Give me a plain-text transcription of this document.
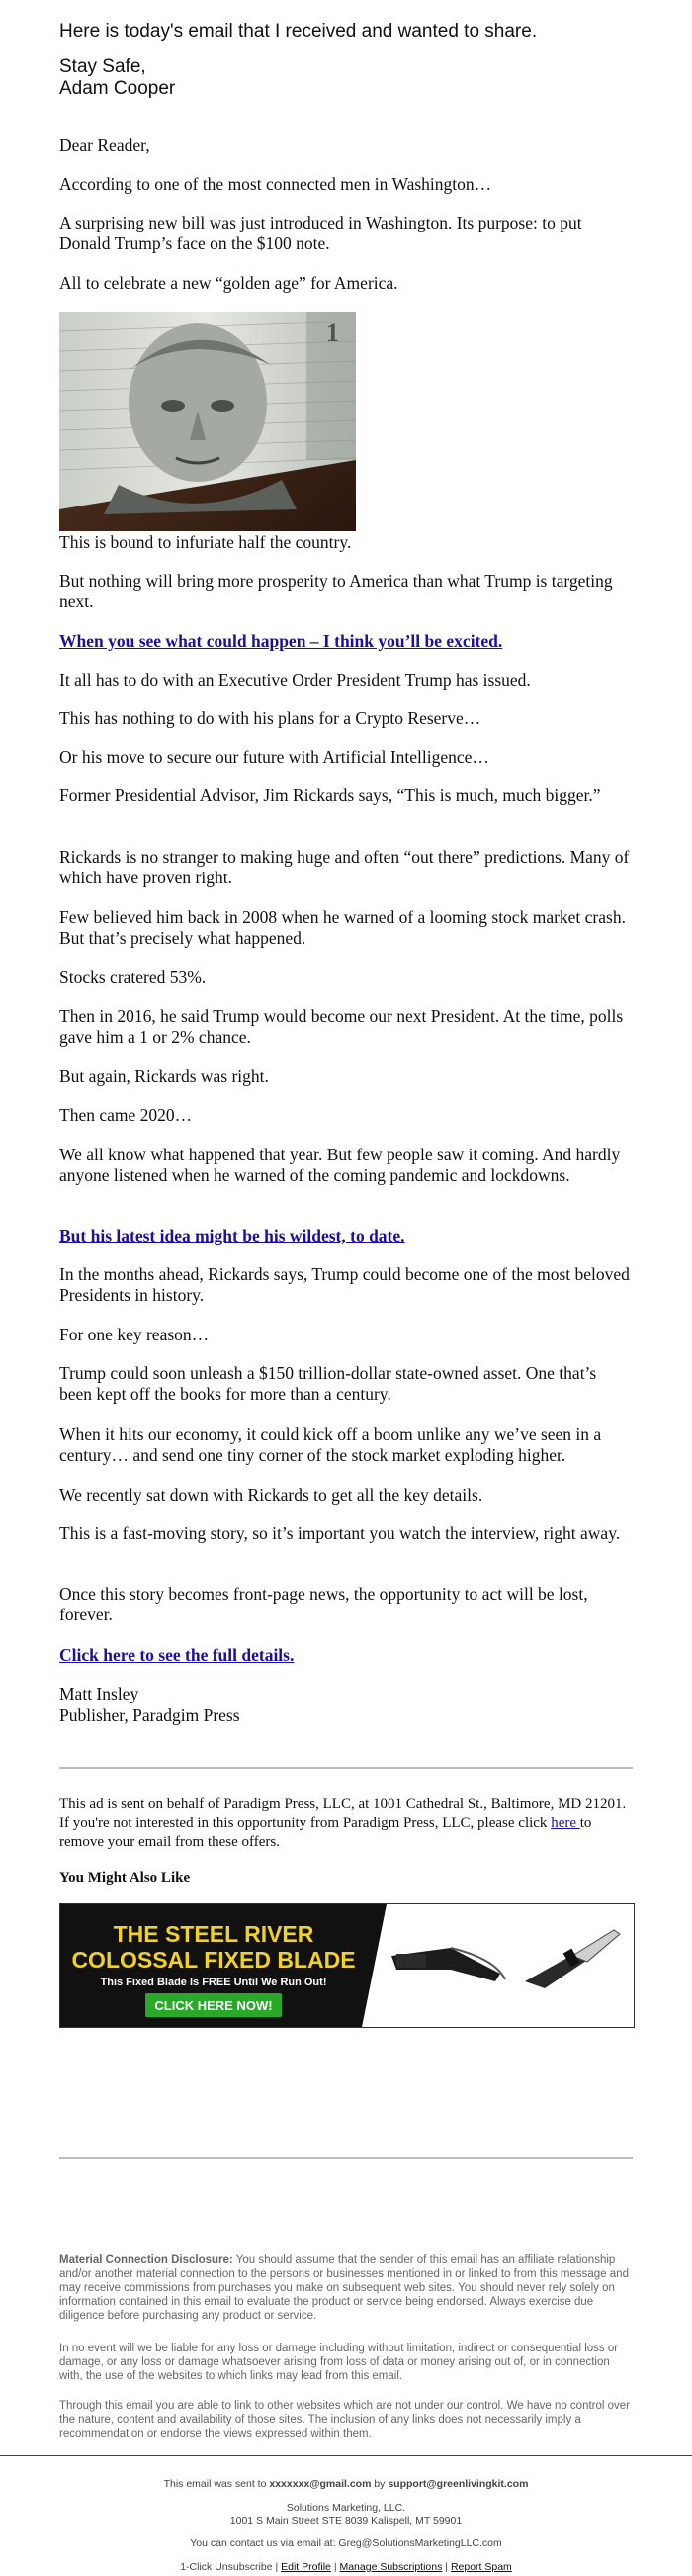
Here is today's email that I received and wanted to share.

Stay Safe,

Adam Cooper

Dear Reader,

According to one of the most connected men in Washington…

A surprising new bill was just introduced in Washington. Its purpose: to put Donald Trump’s face on the $100 note.

All to celebrate a new “golden age” for America.

1

This is bound to infuriate half the country.

But nothing will bring more prosperity to America than what Trump is targeting next.

When you see what could happen – I think you’ll be excited.

It all has to do with an Executive Order President Trump has issued.

This has nothing to do with his plans for a Crypto Reserve…

Or his move to secure our future with Artificial Intelligence…

Former Presidential Advisor, Jim Rickards says, “This is much, much bigger.”

Rickards is no stranger to making huge and often “out there” predictions. Many of which have proven right.

Few believed him back in 2008 when he warned of a looming stock market crash. But that’s precisely what happened.

Stocks cratered 53%.

Then in 2016, he said Trump would become our next President. At the time, polls gave him a 1 or 2% chance.

But again, Rickards was right.

Then came 2020…

We all know what happened that year. But few people saw it coming. And hardly anyone listened when he warned of the coming pandemic and lockdowns.

But his latest idea might be his wildest, to date.

In the months ahead, Rickards says, Trump could become one of the most beloved Presidents in history.

For one key reason…

Trump could soon unleash a $150 trillion-dollar state-owned asset. One that’s been kept off the books for more than a century.

When it hits our economy, it could kick off a boom unlike any we’ve seen in a century… and send one tiny corner of the stock market exploding higher.

We recently sat down with Rickards to get all the key details.

This is a fast-moving story, so it’s important you watch the interview, right away.

Once this story becomes front-page news, the opportunity to act will be lost, forever.

Click here to see the full details.

Matt Insley

Publisher, Paradgim Press

This ad is sent on behalf of Paradigm Press, LLC, at 1001 Cathedral St., Baltimore, MD 21201. If you're not interested in this opportunity from Paradigm Press, LLC, please click here to remove your email from these offers.

You Might Also Like

THE STEEL RIVER
COLOSSAL FIXED BLADE
This Fixed Blade Is FREE Until We Run Out!
CLICK HERE NOW!

Material Connection Disclosure: You should assume that the sender of this email has an affiliate relationship and/or another material connection to the persons or businesses mentioned in or linked to from this message and may receive commissions from purchases you make on subsequent web sites. You should never rely solely on information contained in this email to evaluate the product or service being endorsed. Always exercise due diligence before purchasing any product or service.

In no event will we be liable for any loss or damage including without limitation, indirect or consequential loss or damage, or any loss or damage whatsoever arising from loss of data or money arising out of, or in connection with, the use of the websites to which links may lead from this email.

Through this email you are able to link to other websites which are not under our control. We have no control over the nature, content and availability of those sites. The inclusion of any links does not necessarily imply a recommendation or endorse the views expressed within them.

This email was sent to xxxxxxx@gmail.com by support@greenlivingkit.com
Solutions Marketing, LLC.
1001 S Main Street STE 8039 Kalispell, MT 59901
You can contact us via email at: Greg@SolutionsMarketingLLC.com
1-Click Unsubscribe | Edit Profile | Manage Subscriptions | Report Spam
